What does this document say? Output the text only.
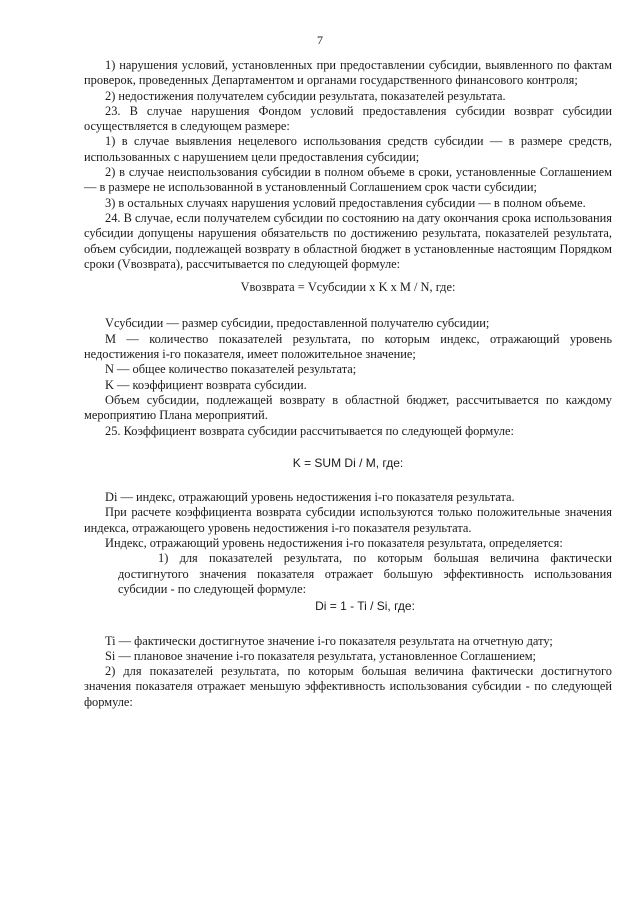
7

1) нарушения условий, установленных при предоставлении субсидии, выявленного по фактам проверок, проведенных Департаментом и органами государственного финансового контроля;

2) недостижения получателем субсидии результата, показателей результата.

23. В случае нарушения Фондом условий предоставления субсидии возврат субсидии осуществляется в следующем размере:

1) в случае выявления нецелевого использования средств субсидии — в размере средств, использованных с нарушением цели предоставления субсидии;

2) в случае неиспользования субсидии в полном объеме в сроки, установленные Соглашением — в размере не использованной в установленный Соглашением срок части субсидии;

3) в остальных случаях нарушения условий предоставления субсидии — в полном объеме.

24. В случае, если получателем субсидии по состоянию на дату окончания срока использования субсидии допущены нарушения обязательств по достижению результата, показателей результата, объем субсидии, подлежащей возврату в областной бюджет в установленные настоящим Порядком сроки (Vвозврата), рассчитывается по следующей формуле:

Vвозврата = Vсубсидии x K x M / N, где:

Vсубсидии — размер субсидии, предоставленной получателю субсидии;

M — количество показателей результата, по которым индекс, отражающий уровень недостижения i-го показателя, имеет положительное значение;

N — общее количество показателей результата;

K — коэффициент возврата субсидии.

Объем субсидии, подлежащей возврату в областной бюджет, рассчитывается по каждому мероприятию Плана мероприятий.

25. Коэффициент возврата субсидии рассчитывается по следующей формуле:

K = SUM Di / M, где:

Di — индекс, отражающий уровень недостижения i-го показателя результата.

При расчете коэффициента возврата субсидии используются только положительные значения индекса, отражающего уровень недостижения i-го показателя результата.

Индекс, отражающий уровень недостижения i-го показателя результата, определяется:

1) для показателей результата, по которым большая величина фактически достигнутого значения показателя отражает большую эффективность использования субсидии - по следующей формуле:

Di = 1 - Ti / Si, где:

Ti — фактически достигнутое значение i-го показателя результата на отчетную дату;

Si — плановое значение i-го показателя результата, установленное Соглашением;

2) для показателей результата, по которым большая величина фактически достигнутого значения показателя отражает меньшую эффективность использования субсидии - по следующей формуле:
